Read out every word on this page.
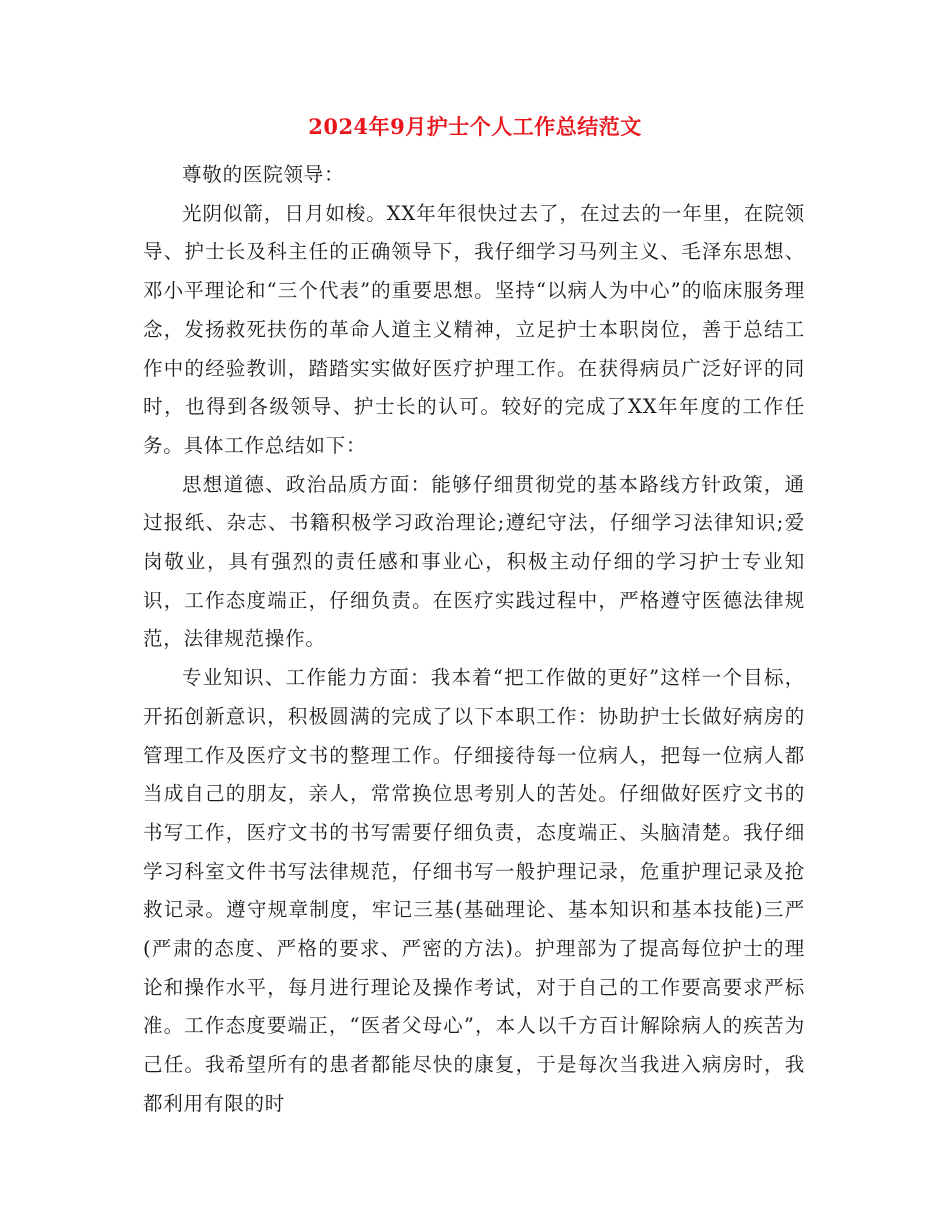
2024年9月护士个人工作总结范文

尊敬的医院领导：

光阴似箭，日月如梭。XX年年很快过去了，在过去的一年里，在院领导、护士长及科主任的正确领导下，我仔细学习马列主义、毛泽东思想、邓小平理论和“三个代表”的重要思想。坚持“以病人为中心”的临床服务理念，发扬救死扶伤的革命人道主义精神，立足护士本职岗位，善于总结工作中的经验教训，踏踏实实做好医疗护理工作。在获得病员广泛好评的同时，也得到各级领导、护士长的认可。较好的完成了XX年年度的工作任务。具体工作总结如下：

思想道德、政治品质方面：能够仔细贯彻党的基本路线方针政策，通过报纸、杂志、书籍积极学习政治理论;遵纪守法，仔细学习法律知识;爱岗敬业，具有强烈的责任感和事业心，积极主动仔细的学习护士专业知识，工作态度端正，仔细负责。在医疗实践过程中，严格遵守医德法律规范，法律规范操作。

专业知识、工作能力方面：我本着“把工作做的更好”这样一个目标，开拓创新意识，积极圆满的完成了以下本职工作：协助护士长做好病房的管理工作及医疗文书的整理工作。仔细接待每一位病人，把每一位病人都当成自己的朋友，亲人，常常换位思考别人的苦处。仔细做好医疗文书的书写工作，医疗文书的书写需要仔细负责，态度端正、头脑清楚。我仔细学习科室文件书写法律规范，仔细书写一般护理记录，危重护理记录及抢救记录。遵守规章制度，牢记三基(基础理论、基本知识和基本技能)三严(严肃的态度、严格的要求、严密的方法)。护理部为了提高每位护士的理论和操作水平，每月进行理论及操作考试，对于自己的工作要高要求严标准。工作态度要端正，“医者父母心”，本人以千方百计解除病人的疾苦为己任。我希望所有的患者都能尽快的康复，于是每次当我进入病房时，我都利用有限的时
